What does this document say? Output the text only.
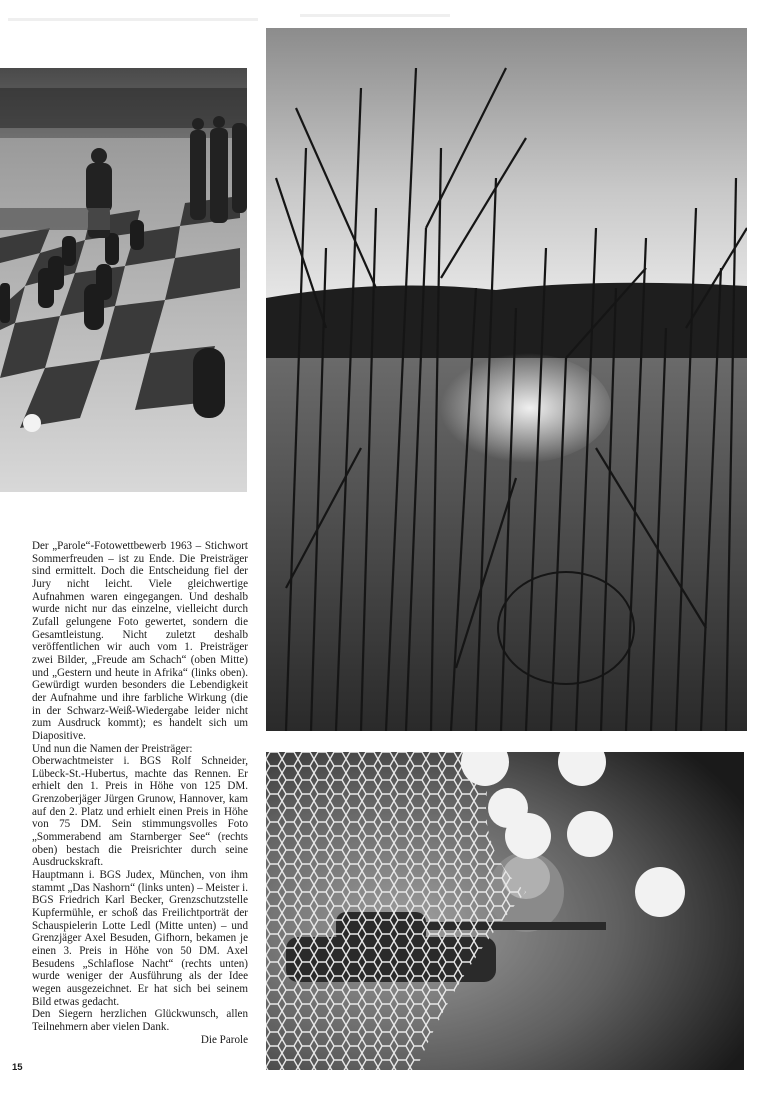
Der „Parole“-Fotowettbewerb 1963 – Stichwort Sommerfreuden – ist zu Ende. Die Preisträger sind ermittelt. Doch die Entscheidung fiel der Jury nicht leicht. Viele gleichwertige Aufnahmen waren eingegangen. Und deshalb wurde nicht nur das einzelne, vielleicht durch Zufall gelungene Foto gewertet, sondern die Gesamtleistung. Nicht zuletzt deshalb veröffentlichen wir auch vom 1. Preisträger zwei Bilder, „Freude am Schach“ (oben Mitte) und „Gestern und heute in Afrika“ (links oben). Gewürdigt wurden besonders die Lebendigkeit der Aufnahme und ihre farbliche Wirkung (die in der Schwarz-Weiß-Wiedergabe leider nicht zum Ausdruck kommt); es handelt sich um Diapositive.

Und nun die Namen der Preisträger:

Oberwachtmeister i. BGS Rolf Schneider, Lübeck-St.-Hubertus, machte das Rennen. Er erhielt den 1. Preis in Höhe von 125 DM. Grenzoberjäger Jürgen Grunow, Hannover, kam auf den 2. Platz und erhielt einen Preis in Höhe von 75 DM. Sein stimmungsvolles Foto „Sommerabend am Starnberger See“ (rechts oben) bestach die Preisrichter durch seine Ausdruckskraft.

Hauptmann i. BGS Judex, München, von ihm stammt „Das Nashorn“ (links unten) – Meister i. BGS Friedrich Karl Becker, Grenzschutzstelle Kupfermühle, er schoß das Freilichtporträt der Schauspielerin Lotte Ledl (Mitte unten) – und Grenzjäger Axel Besuden, Gifhorn, bekamen je einen 3. Preis in Höhe von 50 DM. Axel Besudens „Schlaflose Nacht“ (rechts unten) wurde weniger der Ausführung als der Idee wegen ausgezeichnet. Er hat sich bei seinem Bild etwas gedacht.

Den Siegern herzlichen Glückwunsch, allen Teilnehmern aber vielen Dank.

Die Parole

15
